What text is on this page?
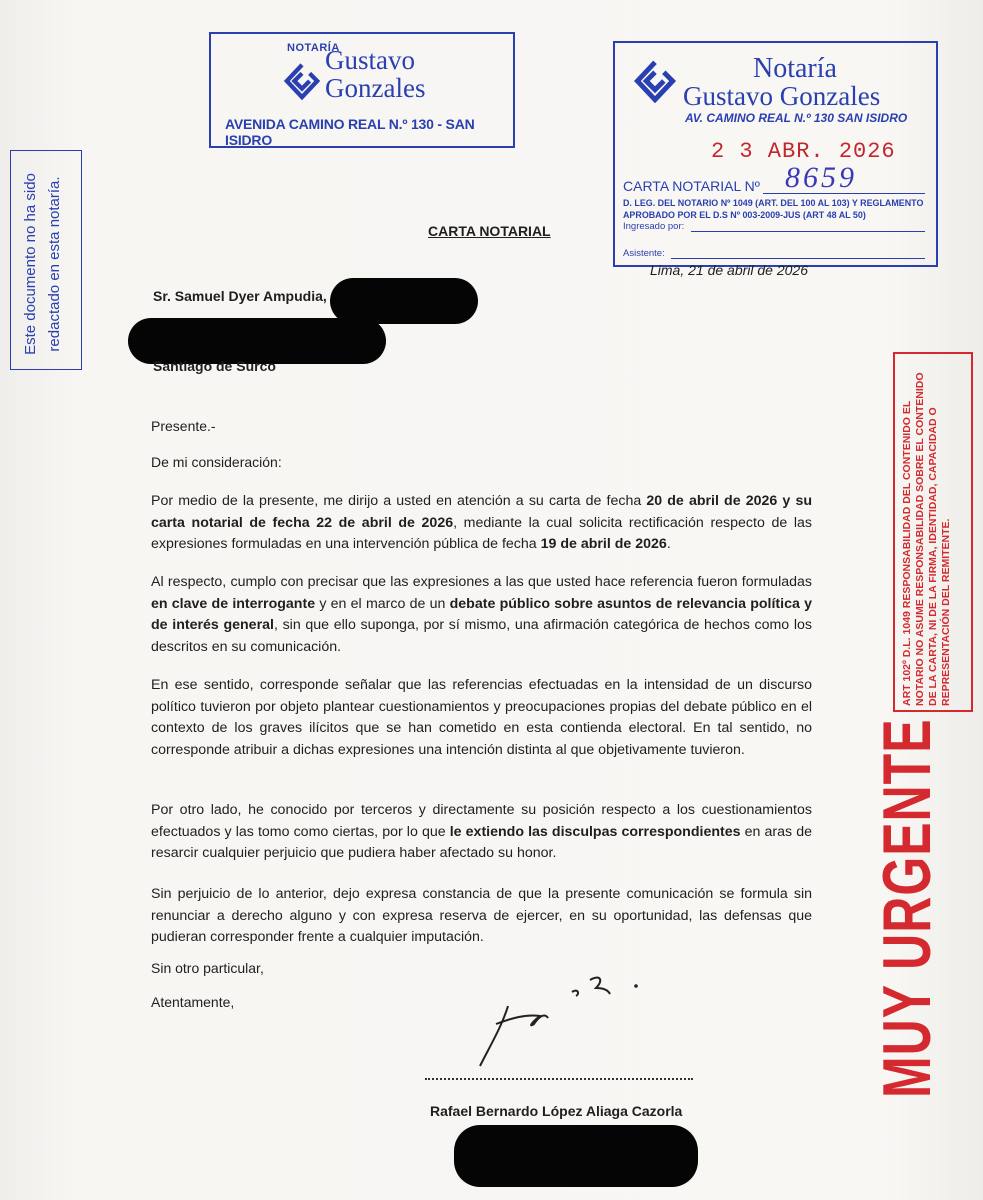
NOTARÍA
Gustavo
Gonzales
AVENIDA CAMINO REAL N.º 130 - SAN ISIDRO
Notaría
Gustavo Gonzales
AV. CAMINO REAL N.º 130 SAN ISIDRO
2 3 ABR. 2026
CARTA NOTARIAL Nº 8659
D. LEG. DEL NOTARIO Nº 1049 (ART. DEL 100 AL 103) Y REGLAMENTO
APROBADO POR EL D.S Nº 003-2009-JUS (ART 48 AL 50)
Ingresado por:
Asistente:
Este documento no ha sido redactado en esta notaría.
ART 102º D.L. 1049 RESPONSABILIDAD DEL CONTENIDO EL NOTARIO NO ASUME RESPONSABILIDAD SOBRE EL CONTENIDO DE LA CARTA, NI DE LA FIRMA, IDENTIDAD, CAPACIDAD O REPRESENTACIÓN DEL REMITENTE.
MUY URGENTE
CARTA NOTARIAL
Lima, 21 de abril de 2026
Sr. Samuel Dyer Ampudia,
Santiago de Surco
Presente.-
De mi consideración:
Por medio de la presente, me dirijo a usted en atención a su carta de fecha 20 de abril de 2026 y su carta notarial de fecha 22 de abril de 2026, mediante la cual solicita rectificación respecto de las expresiones formuladas en una intervención pública de fecha 19 de abril de 2026.
Al respecto, cumplo con precisar que las expresiones a las que usted hace referencia fueron formuladas en clave de interrogante y en el marco de un debate público sobre asuntos de relevancia política y de interés general, sin que ello suponga, por sí mismo, una afirmación categórica de hechos como los descritos en su comunicación.
En ese sentido, corresponde señalar que las referencias efectuadas en la intensidad de un discurso político tuvieron por objeto plantear cuestionamientos y preocupaciones propias del debate público en el contexto de los graves ilícitos que se han cometido en esta contienda electoral. En tal sentido, no corresponde atribuir a dichas expresiones una intención distinta al que objetivamente tuvieron.
Por otro lado, he conocido por terceros y directamente su posición respecto a los cuestionamientos efectuados y las tomo como ciertas, por lo que le extiendo las disculpas correspondientes en aras de resarcir cualquier perjuicio que pudiera haber afectado su honor.
Sin perjuicio de lo anterior, dejo expresa constancia de que la presente comunicación se formula sin renunciar a derecho alguno y con expresa reserva de ejercer, en su oportunidad, las defensas que pudieran corresponder frente a cualquier imputación.
Sin otro particular,
Atentamente,
Rafael Bernardo López Aliaga Cazorla
